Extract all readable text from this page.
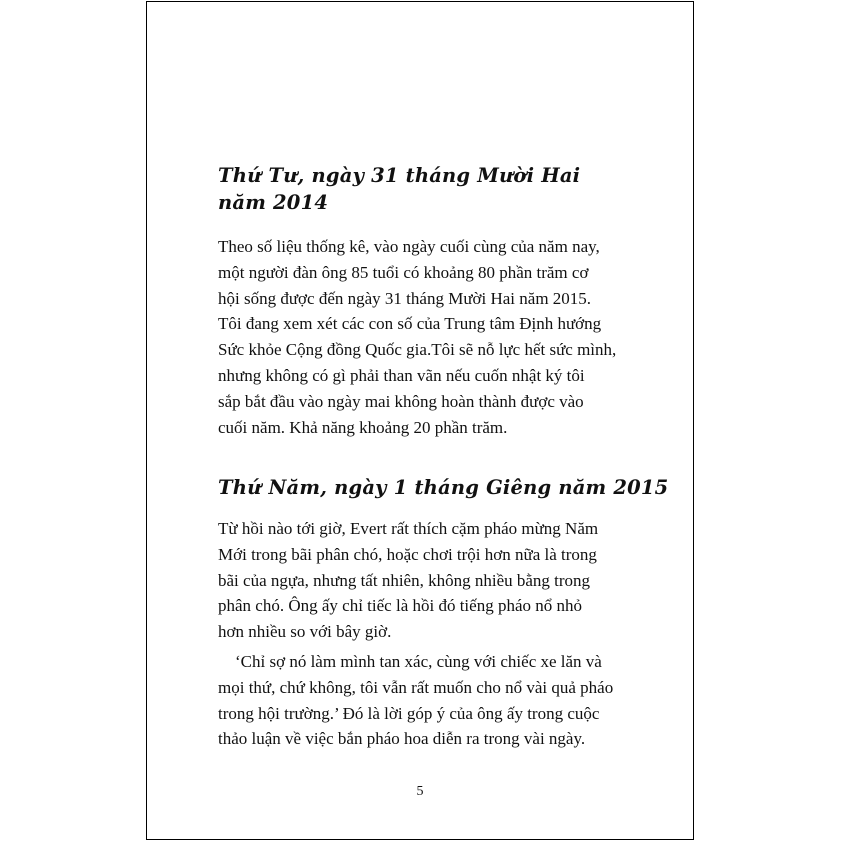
Thứ Tư, ngày 31 tháng Mười Hai
năm 2014

Theo số liệu thống kê, vào ngày cuối cùng của năm nay,
một người đàn ông 85 tuổi có khoảng 80 phần trăm cơ
hội sống được đến ngày 31 tháng Mười Hai năm 2015.
Tôi đang xem xét các con số của Trung tâm Định hướng
Sức khỏe Cộng đồng Quốc gia.Tôi sẽ nỗ lực hết sức mình,
nhưng không có gì phải than vãn nếu cuốn nhật ký tôi
sắp bắt đầu vào ngày mai không hoàn thành được vào
cuối năm. Khả năng khoảng 20 phần trăm.

Thứ Năm, ngày 1 tháng Giêng năm 2015

Từ hồi nào tới giờ, Evert rất thích cặm pháo mừng Năm
Mới trong bãi phân chó, hoặc chơi trội hơn nữa là trong
bãi của ngựa, nhưng tất nhiên, không nhiều bằng trong
phân chó. Ông ấy chỉ tiếc là hồi đó tiếng pháo nổ nhỏ
hơn nhiều so với bây giờ.

‘Chỉ sợ nó làm mình tan xác, cùng với chiếc xe lăn và
mọi thứ, chứ không, tôi vẫn rất muốn cho nổ vài quả pháo
trong hội trường.’ Đó là lời góp ý của ông ấy trong cuộc
thảo luận về việc bắn pháo hoa diễn ra trong vài ngày.

5
